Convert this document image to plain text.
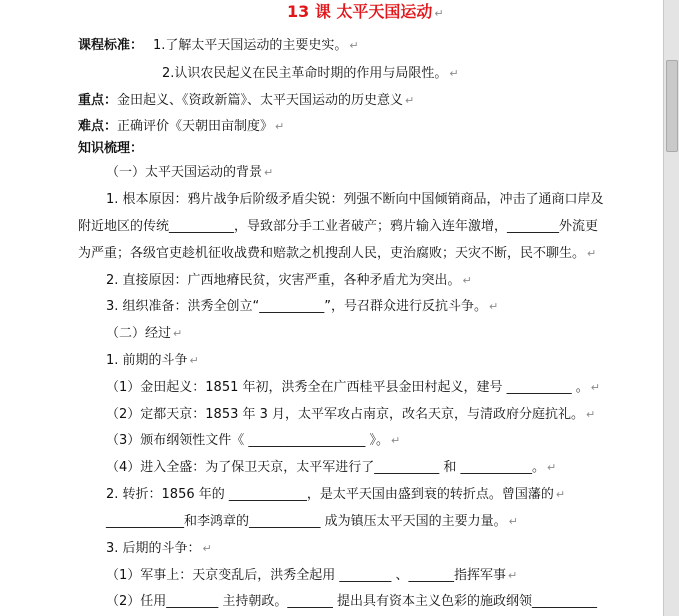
13 课 太平天国运动 ↵
课程标准： 1.了解太平天国运动的主要史实。 ↵
2.认识农民起义在民主革命时期的作用与局限性。 ↵
重点：金田起义、《资政新篇》、太平天国运动的历史意义 ↵
难点：正确评价《天朝田亩制度》 ↵
知识梳理：
（一）太平天国运动的背景 ↵
1. 根本原因：鸦片战争后阶级矛盾尖锐：列强不断向中国倾销商品，冲击了通商口岸及
附近地区的传统__________，导致部分手工业者破产；鸦片输入连年激增，________外流更
为严重；各级官吏趁机征收战费和赔款之机搜刮人民，吏治腐败；天灾不断，民不聊生。 ↵
2. 直接原因：广西地瘠民贫，灾害严重，各种矛盾尤为突出。 ↵
3. 组织准备：洪秀全创立“__________”，号召群众进行反抗斗争。 ↵
（二）经过 ↵
1. 前期的斗争 ↵
（1）金田起义：1851 年初，洪秀全在广西桂平县金田村起义，建号 __________ 。 ↵
（2）定都天京：1853 年 3 月，太平军攻占南京，改名天京，与清政府分庭抗礼。 ↵
（3）颁布纲领性文件《 __________________ 》。 ↵
（4）进入全盛：为了保卫天京，太平军进行了__________ 和 ___________。 ↵
2. 转折：1856 年的 ____________，是太平天国由盛到衰的转折点。曾国藩的 ↵
____________和李鸿章的___________ 成为镇压太平天国的主要力量。 ↵
3. 后期的斗争： ↵
（1）军事上：天京变乱后，洪秀全起用 ________ 、_______指挥军事 ↵
（2）任用________ 主持朝政。_______ 提出具有资本主义色彩的施政纲领__________
